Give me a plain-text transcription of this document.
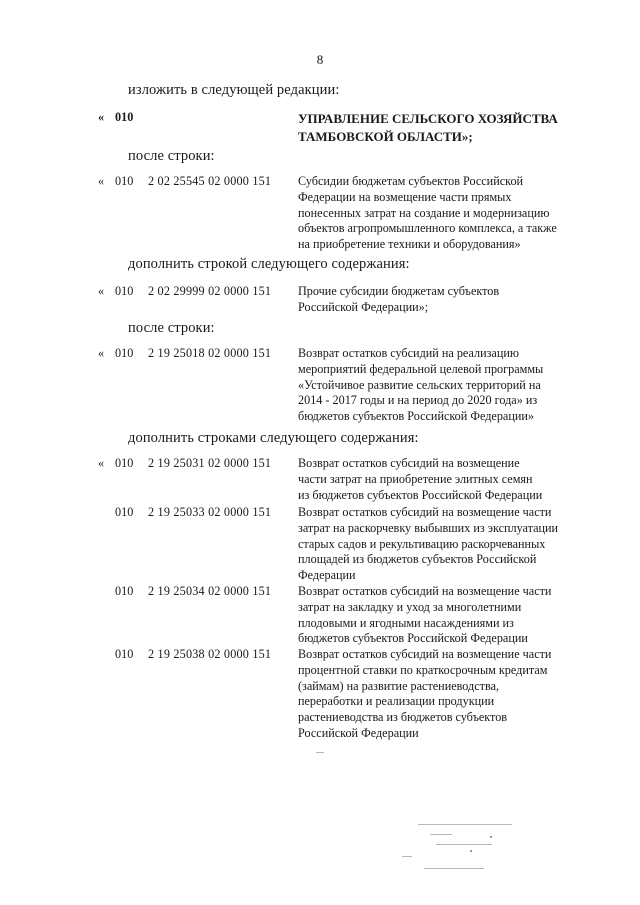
8
изложить в следующей редакции:
« 010	УПРАВЛЕНИЕ СЕЛЬСКОГО ХОЗЯЙСТВА
ТАМБОВСКОЙ ОБЛАСТИ»;
после строки:
« 010 2 02 25545 02 0000 151 Субсидии бюджетам субъектов Российской
Федерации на возмещение части прямых
понесенных затрат на создание и модернизацию
объектов агропромышленного комплекса, а также
на приобретение техники и оборудования»
дополнить строкой следующего содержания:
« 010 2 02 29999 02 0000 151 Прочие субсидии бюджетам субъектов
Российской Федерации»;
после строки:
« 010 2 19 25018 02 0000 151 Возврат остатков субсидий на реализацию
мероприятий федеральной целевой программы
«Устойчивое развитие сельских территорий на
2014 - 2017 годы и на период до 2020 года» из
бюджетов субъектов Российской Федерации»
дополнить строками следующего содержания:
« 010 2 19 25031 02 0000 151 Возврат остатков субсидий на возмещение
части затрат на приобретение элитных семян
из бюджетов субъектов Российской Федерации
010 2 19 25033 02 0000 151 Возврат остатков субсидий на возмещение части
затрат на раскорчевку выбывших из эксплуатации
старых садов и рекультивацию раскорчеванных
площадей из бюджетов субъектов Российской
Федерации
010 2 19 25034 02 0000 151 Возврат остатков субсидий на возмещение части
затрат на закладку и уход за многолетними
плодовыми и ягодными насаждениями из
бюджетов субъектов Российской Федерации
010 2 19 25038 02 0000 151 Возврат остатков субсидий на возмещение части
процентной ставки по краткосрочным кредитам
(займам) на развитие растениеводства,
переработки и реализации продукции
растениеводства из бюджетов субъектов
Российской Федерации
